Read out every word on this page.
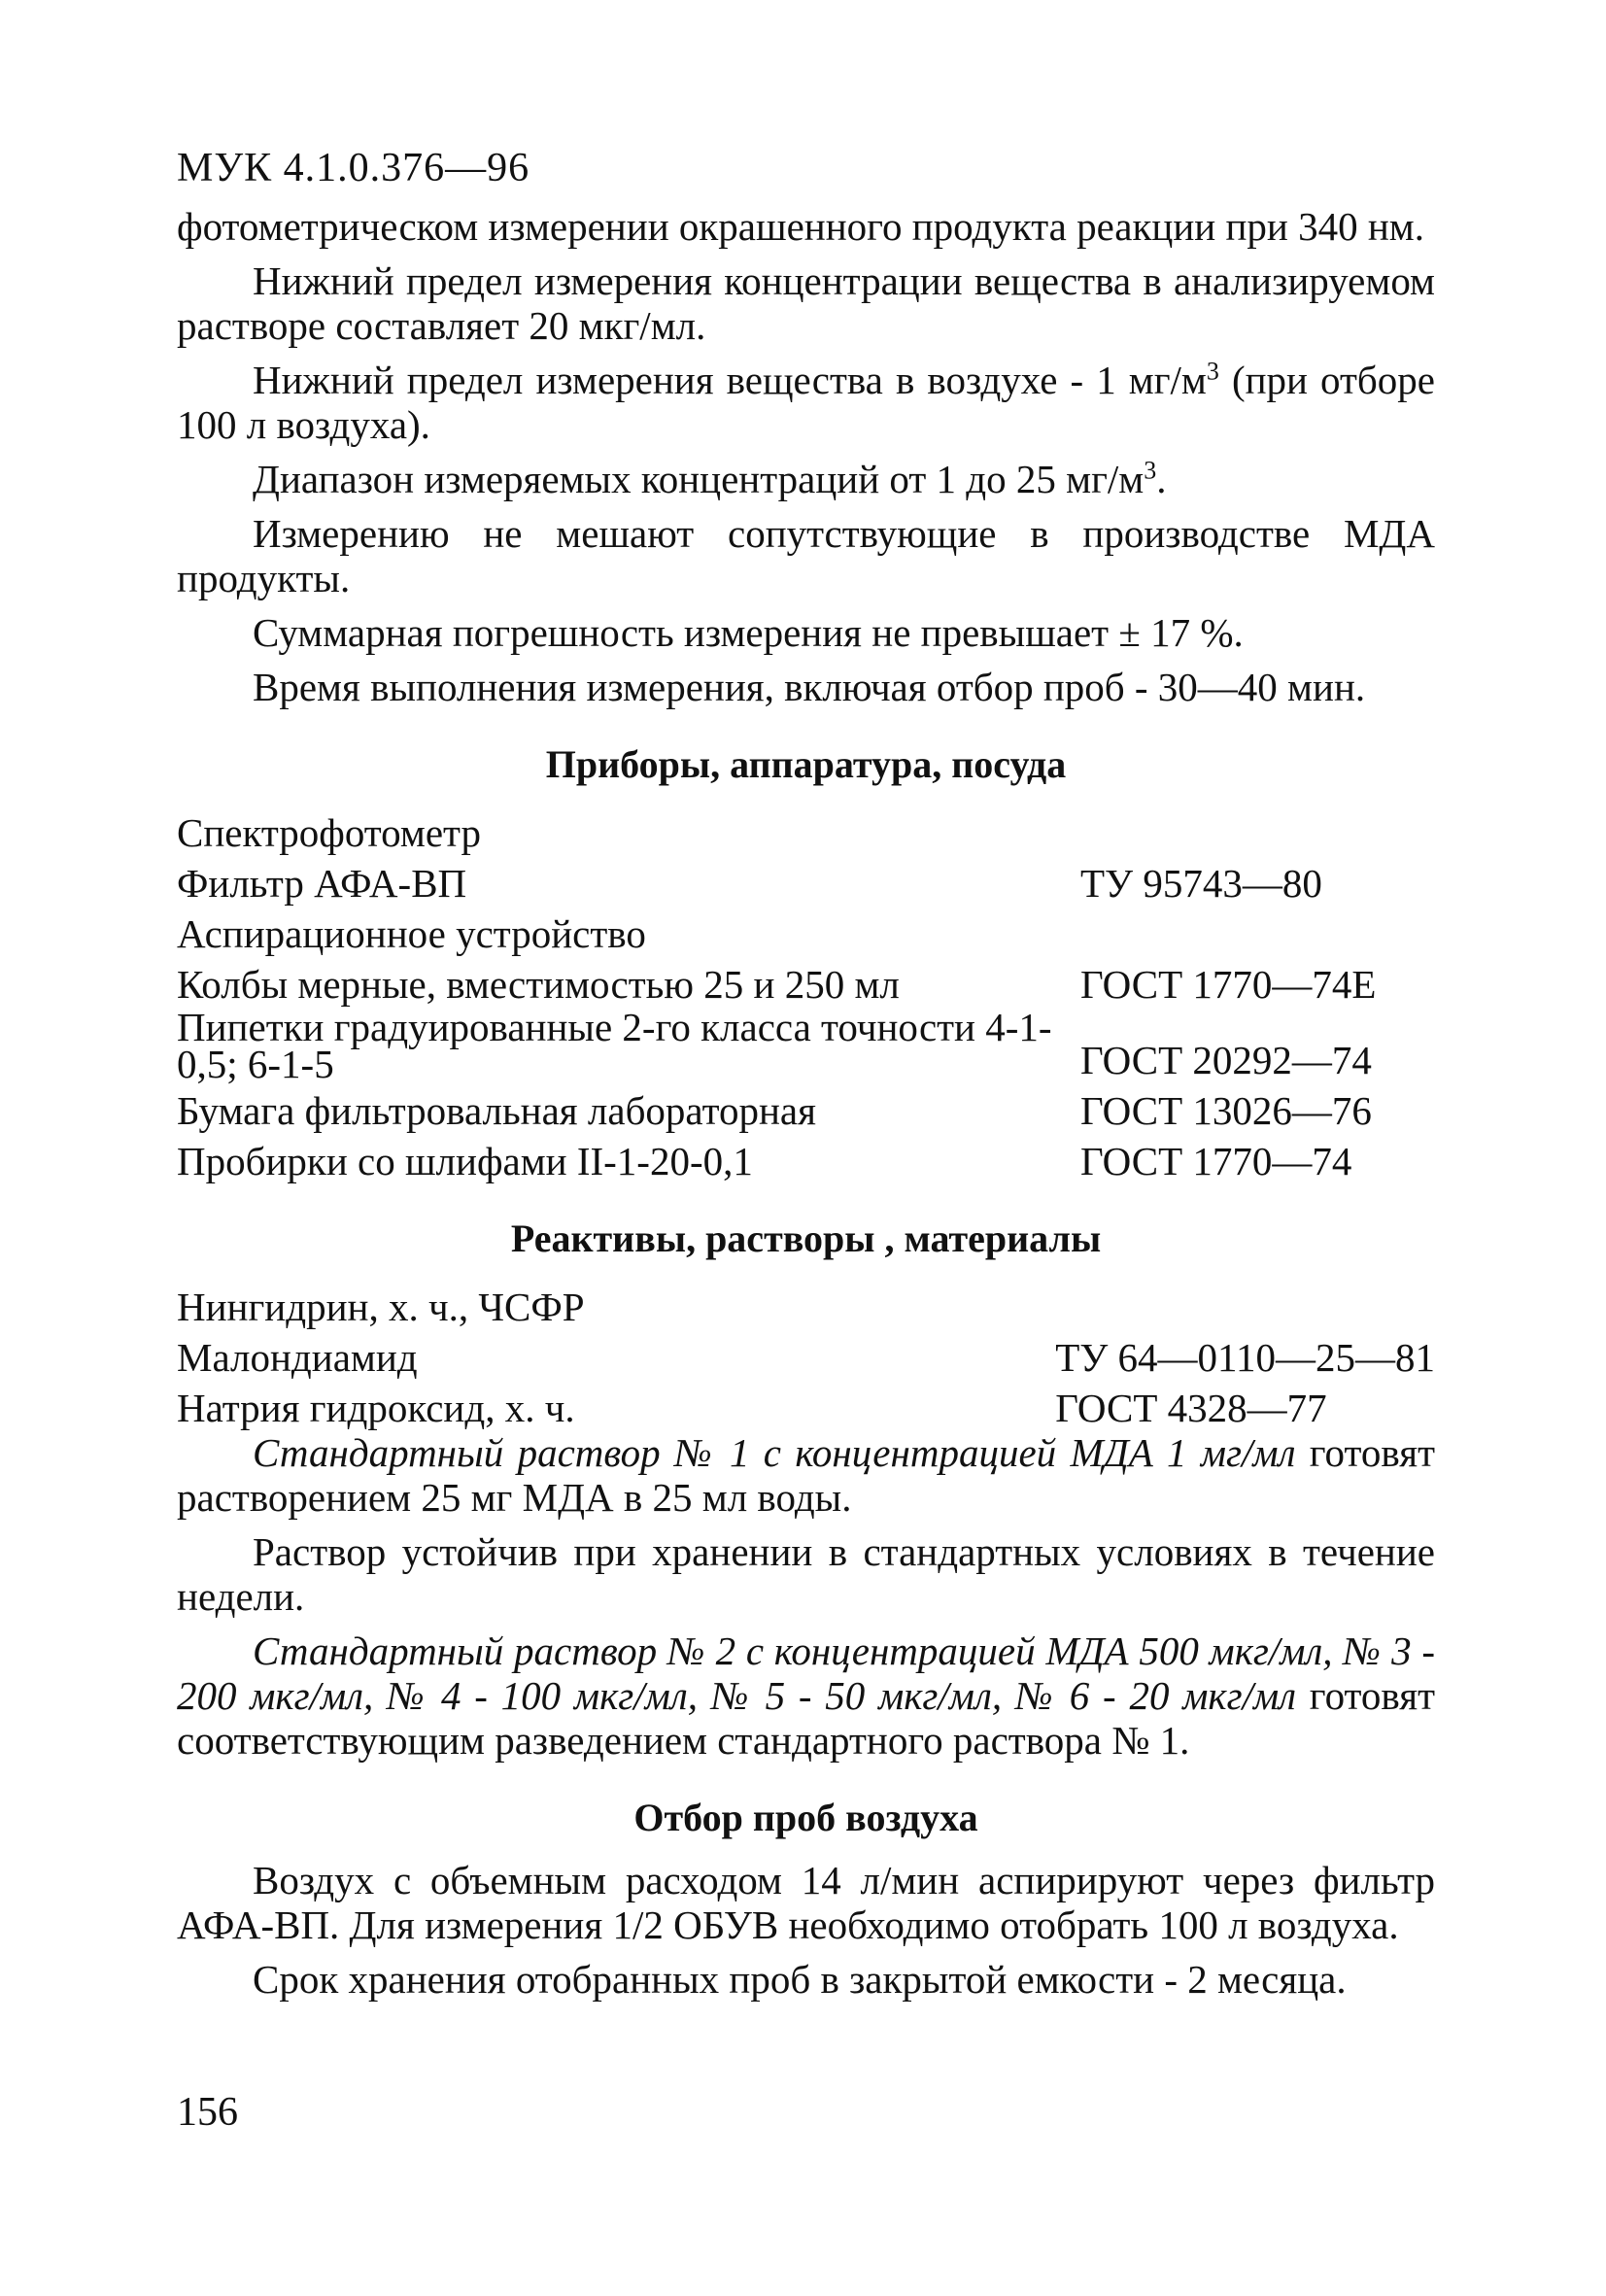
МУК 4.1.0.376—96

фотометрическом измерении окрашенного продукта реакции при 340 нм.

Нижний предел измерения концентрации вещества в анализируемом растворе составляет 20 мкг/мл.

Нижний предел измерения вещества в воздухе - 1 $мг/м^3$ (при отборе 100 л воздуха).

Диапазон измеряемых концентраций от 1 до 25 $мг/м^3$.

Измерению не мешают сопутствующие в производстве МДА продукты.

Суммарная погрешность измерения не превышает ± 17 %.

Время выполнения измерения, включая отбор проб - 30—40 мин.

Приборы, аппаратура, посуда
Спектрофотометр	
Фильтр АФА-ВП	ТУ 95743—80
Аспирационное устройство	
Колбы мерные, вместимостью 25 и 250 мл	ГОСТ 1770—74Е
Пипетки градуированные 2-го класса точности 4-1-0,5; 6-1-5	ГОСТ 20292—74
Бумага фильтровальная лабораторная	ГОСТ 13026—76
Пробирки со шлифами II-1-20-0,1	ГОСТ 1770—74
Реактивы, растворы , материалы
Нингидрин, х. ч., ЧСФР	
Малондиамид	ТУ 64—0110—25—81
Натрия гидроксид, х. ч.	ГОСТ 4328—77

Стандартный раствор № 1 с концентрацией МДА 1 мг/мл готовят растворением 25 мг МДА в 25 мл воды.

Раствор устойчив при хранении в стандартных условиях в течение недели.

Стандартный раствор № 2 с концентрацией МДА 500 мкг/мл, № 3 - 200 мкг/мл, № 4 - 100 мкг/мл, № 5 - 50 мкг/мл, № 6 - 20 мкг/мл готовят соответствующим разведением стандартного раствора № 1.

Отбор проб воздуха

Воздух с объемным расходом 14 л/мин аспирируют через фильтр АФА-ВП. Для измерения 1/2 ОБУВ необходимо отобрать 100 л воздуха.

Срок хранения отобранных проб в закрытой емкости - 2 месяца.

156
